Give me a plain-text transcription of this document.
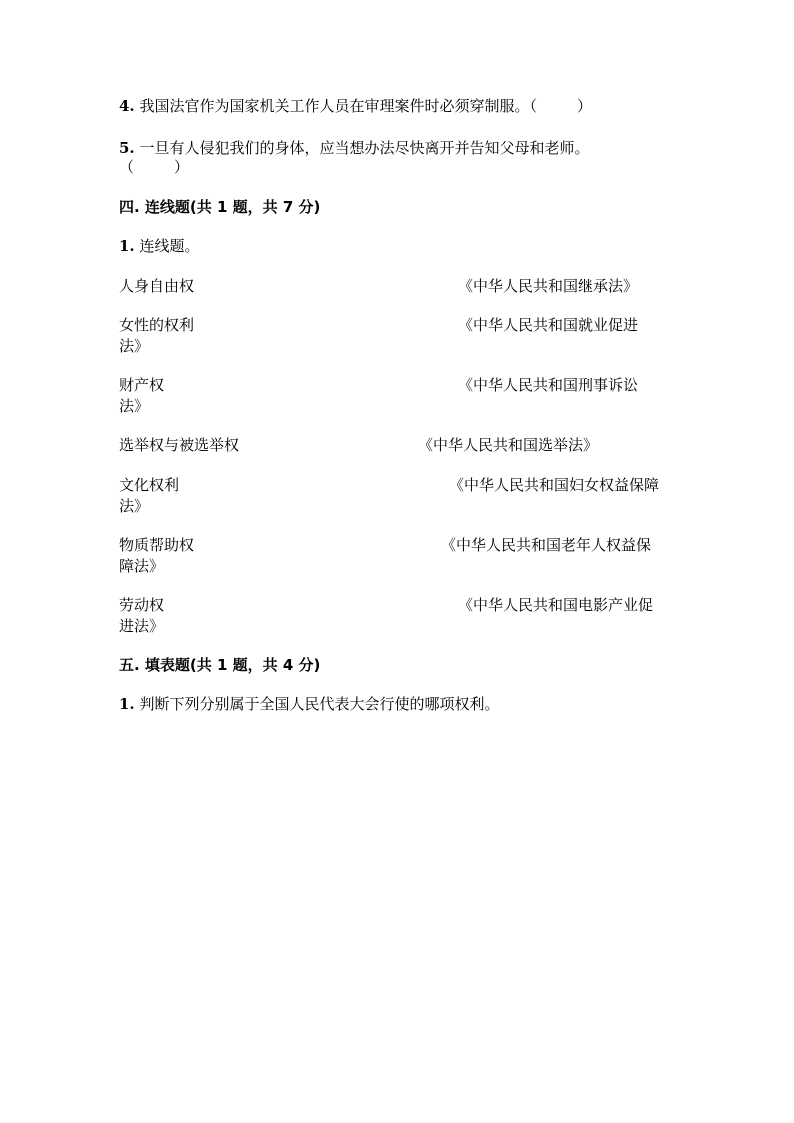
4. 我国法官作为国家机关工作人员在审理案件时必须穿制服。（	）
5. 一旦有人侵犯我们的身体，应当想办法尽快离开并告知父母和老师。
（	）
四. 连线题(共 1 题，共 7 分)
1. 连线题。
人身自由权	《中华人民共和国继承法》
女性的权利	《中华人民共和国就业促进
法》
财产权	《中华人民共和国刑事诉讼
法》
选举权与被选举权	《中华人民共和国选举法》
文化权利	《中华人民共和国妇女权益保障
法》
物质帮助权	《中华人民共和国老年人权益保
障法》
劳动权	《中华人民共和国电影产业促
进法》
五. 填表题(共 1 题，共 4 分)
1. 判断下列分别属于全国人民代表大会行使的哪项权利。
